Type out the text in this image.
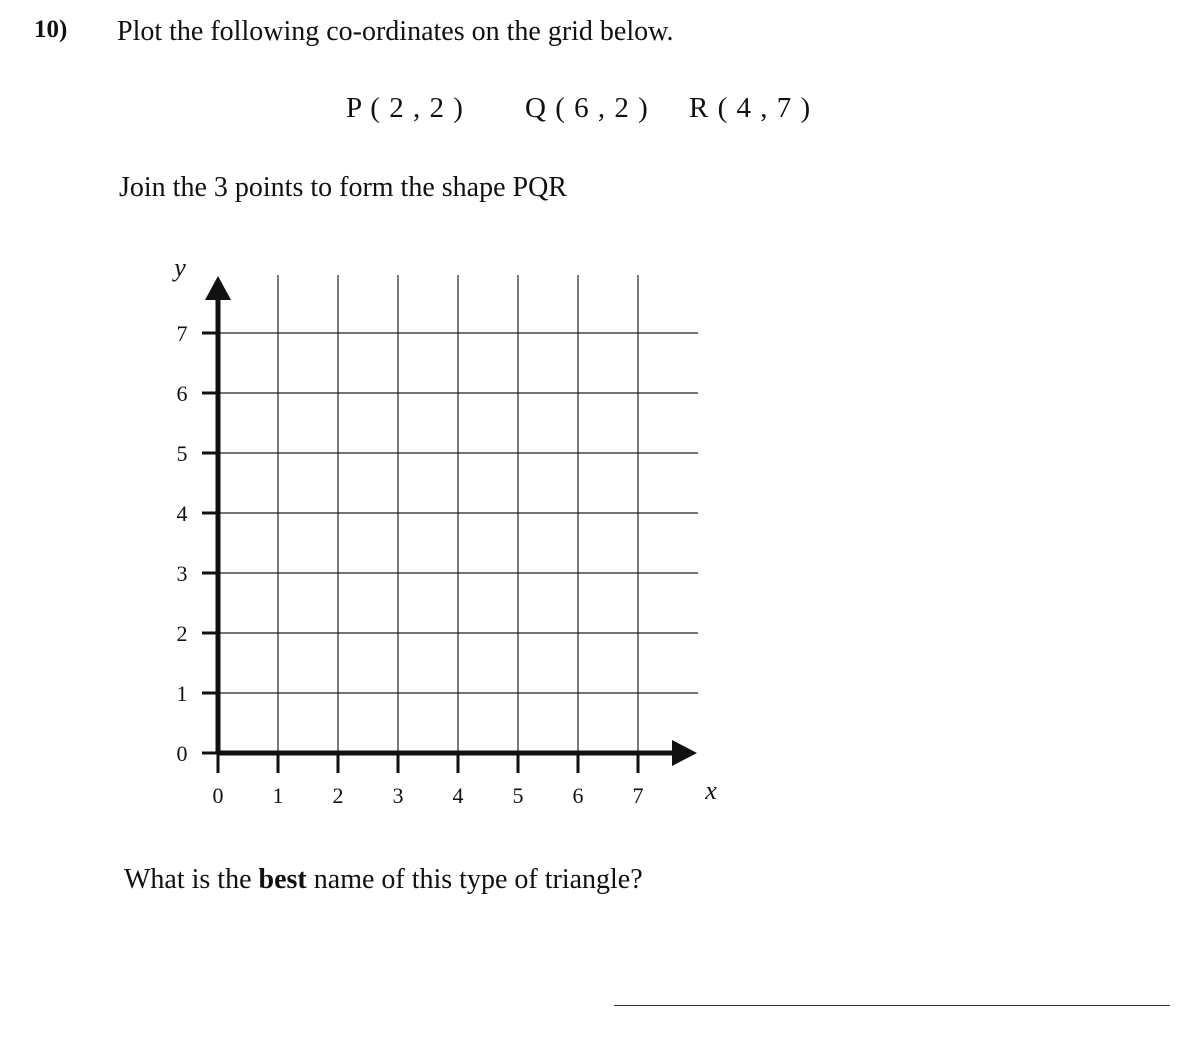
10) Plot the following co-ordinates on the grid below.
P ( 2 , 2 ) Q ( 6 , 2 ) R ( 4 , 7 )
Join the 3 points to form the shape PQR
0 1 2 3 4 5 6 7
0
1
2
3
4
5
6
7
x
y
What is the best name of this type of triangle?
